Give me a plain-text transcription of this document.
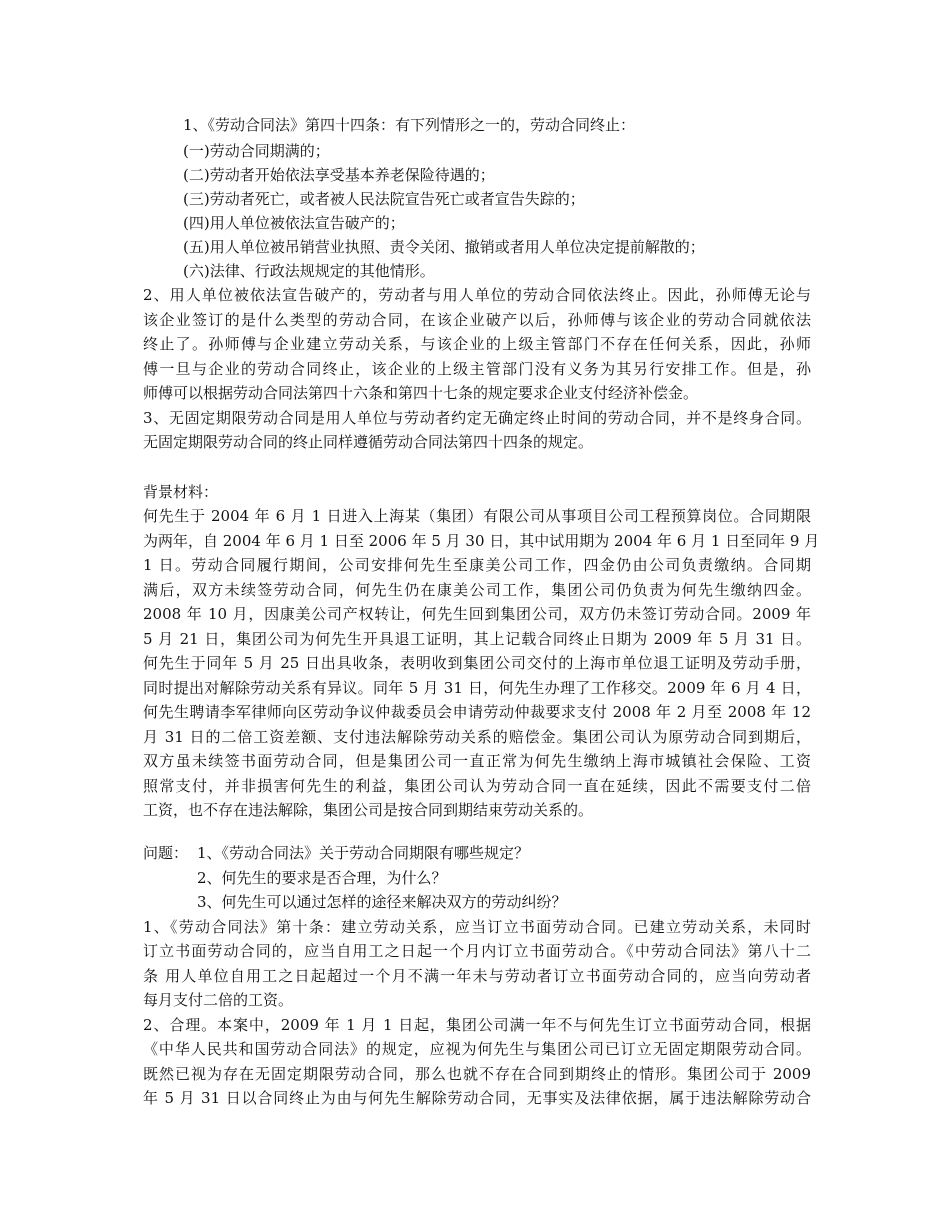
1、《劳动合同法》第四十四条：有下列情形之一的，劳动合同终止：
(一)劳动合同期满的；
(二)劳动者开始依法享受基本养老保险待遇的；
(三)劳动者死亡，或者被人民法院宣告死亡或者宣告失踪的；
(四)用人单位被依法宣告破产的；
(五)用人单位被吊销营业执照、责令关闭、撤销或者用人单位决定提前解散的；
(六)法律、行政法规规定的其他情形。
2、用人单位被依法宣告破产的，劳动者与用人单位的劳动合同依法终止。因此，孙师傅无论与
该企业签订的是什么类型的劳动合同，在该企业破产以后，孙师傅与该企业的劳动合同就依法
终止了。孙师傅与企业建立劳动关系，与该企业的上级主管部门不存在任何关系，因此，孙师
傅一旦与企业的劳动合同终止，该企业的上级主管部门没有义务为其另行安排工作。但是，孙
师傅可以根据劳动合同法第四十六条和第四十七条的规定要求企业支付经济补偿金。
3、无固定期限劳动合同是用人单位与劳动者约定无确定终止时间的劳动合同，并不是终身合同。
无固定期限劳动合同的终止同样遵循劳动合同法第四十四条的规定。
背景材料：
何先生于 2004 年 6 月 1 日进入上海某（集团）有限公司从事项目公司工程预算岗位。合同期限
为两年，自 2004 年 6 月 1 日至 2006 年 5 月 30 日，其中试用期为 2004 年 6 月 1 日至同年 9 月
1 日。劳动合同履行期间，公司安排何先生至康美公司工作，四金仍由公司负责缴纳。合同期
满后，双方未续签劳动合同，何先生仍在康美公司工作，集团公司仍负责为何先生缴纳四金。
2008 年 10 月，因康美公司产权转让，何先生回到集团公司，双方仍未签订劳动合同。2009 年
5 月 21 日，集团公司为何先生开具退工证明，其上记载合同终止日期为 2009 年 5 月 31 日。
何先生于同年 5 月 25 日出具收条，表明收到集团公司交付的上海市单位退工证明及劳动手册，
同时提出对解除劳动关系有异议。同年 5 月 31 日，何先生办理了工作移交。2009 年 6 月 4 日，
何先生聘请李军律师向区劳动争议仲裁委员会申请劳动仲裁要求支付 2008 年 2 月至 2008 年 12
月 31 日的二倍工资差额、支付违法解除劳动关系的赔偿金。集团公司认为原劳动合同到期后，
双方虽未续签书面劳动合同，但是集团公司一直正常为何先生缴纳上海市城镇社会保险、工资
照常支付，并非损害何先生的利益，集团公司认为劳动合同一直在延续，因此不需要支付二倍
工资，也不存在违法解除，集团公司是按合同到期结束劳动关系的。
问题： 1、《劳动合同法》关于劳动合同期限有哪些规定？
2、何先生的要求是否合理，为什么？
3、何先生可以通过怎样的途径来解决双方的劳动纠纷？
1、《劳动合同法》第十条：建立劳动关系，应当订立书面劳动合同。已建立劳动关系，未同时
订立书面劳动合同的，应当自用工之日起一个月内订立书面劳动合。《中劳动合同法》第八十二
条 用人单位自用工之日起超过一个月不满一年未与劳动者订立书面劳动合同的，应当向劳动者
每月支付二倍的工资。
2、合理。本案中，2009 年 1 月 1 日起，集团公司满一年不与何先生订立书面劳动合同，根据
《中华人民共和国劳动合同法》的规定，应视为何先生与集团公司已订立无固定期限劳动合同。
既然已视为存在无固定期限劳动合同，那么也就不存在合同到期终止的情形。集团公司于 2009
年 5 月 31 日以合同终止为由与何先生解除劳动合同，无事实及法律依据，属于违法解除劳动合
